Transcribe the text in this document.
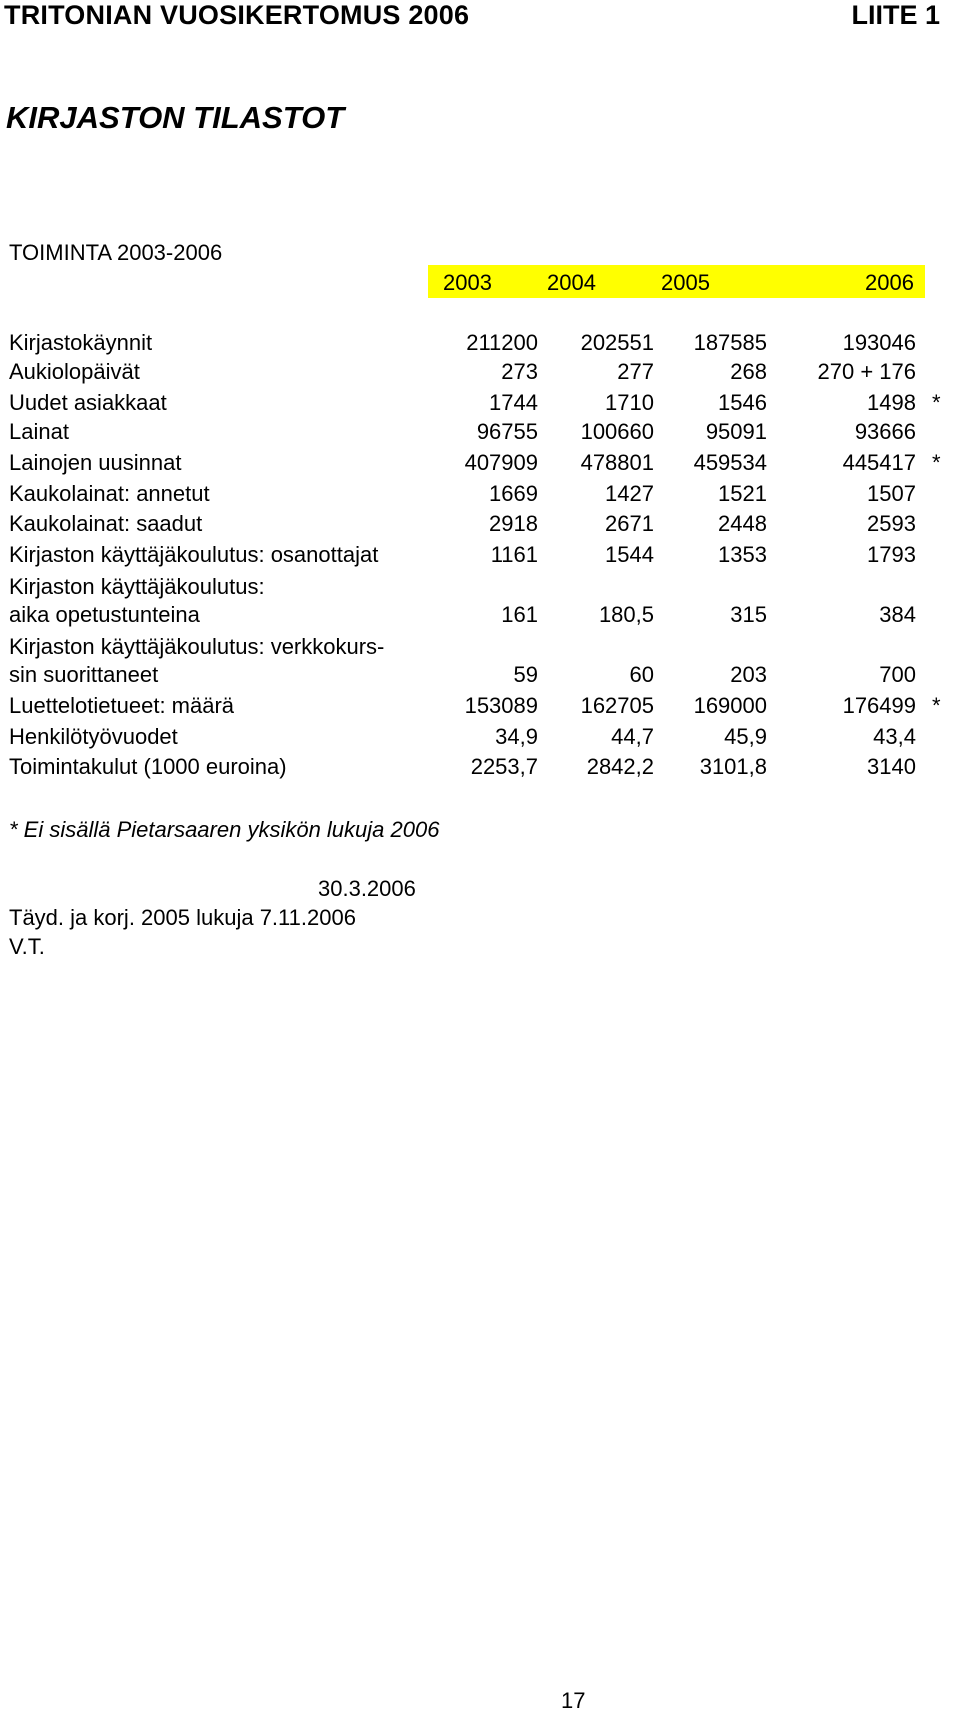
TRITONIAN VUOSIKERTOMUS 2006	LIITE 1
KIRJASTON TILASTOT
TOIMINTA 2003-2006
2003	2004	2005	2006
Kirjastokäynnit	211200	202551	187585	193046
Aukiolopäivät	273	277	268	270 + 176
Uudet asiakkaat	1744	1710	1546	1498 *
Lainat	96755	100660	95091	93666
Lainojen uusinnat	407909	478801	459534	445417 *
Kaukolainat: annetut	1669	1427	1521	1507
Kaukolainat: saadut	2918	2671	2448	2593
Kirjaston käyttäjäkoulutus: osanottajat	1161	1544	1353	1793
Kirjaston käyttäjäkoulutus:
aika opetustunteina	161	180,5	315	384
Kirjaston käyttäjäkoulutus: verkkokurs-
sin suorittaneet	59	60	203	700
Luettelotietueet: määrä	153089	162705	169000	176499 *
Henkilötyövuodet	34,9	44,7	45,9	43,4
Toimintakulut (1000 euroina)	2253,7	2842,2	3101,8	3140
* Ei sisällä Pietarsaaren yksikön lukuja 2006
30.3.2006
Täyd. ja korj. 2005 lukuja 7.11.2006
V.T.
17
